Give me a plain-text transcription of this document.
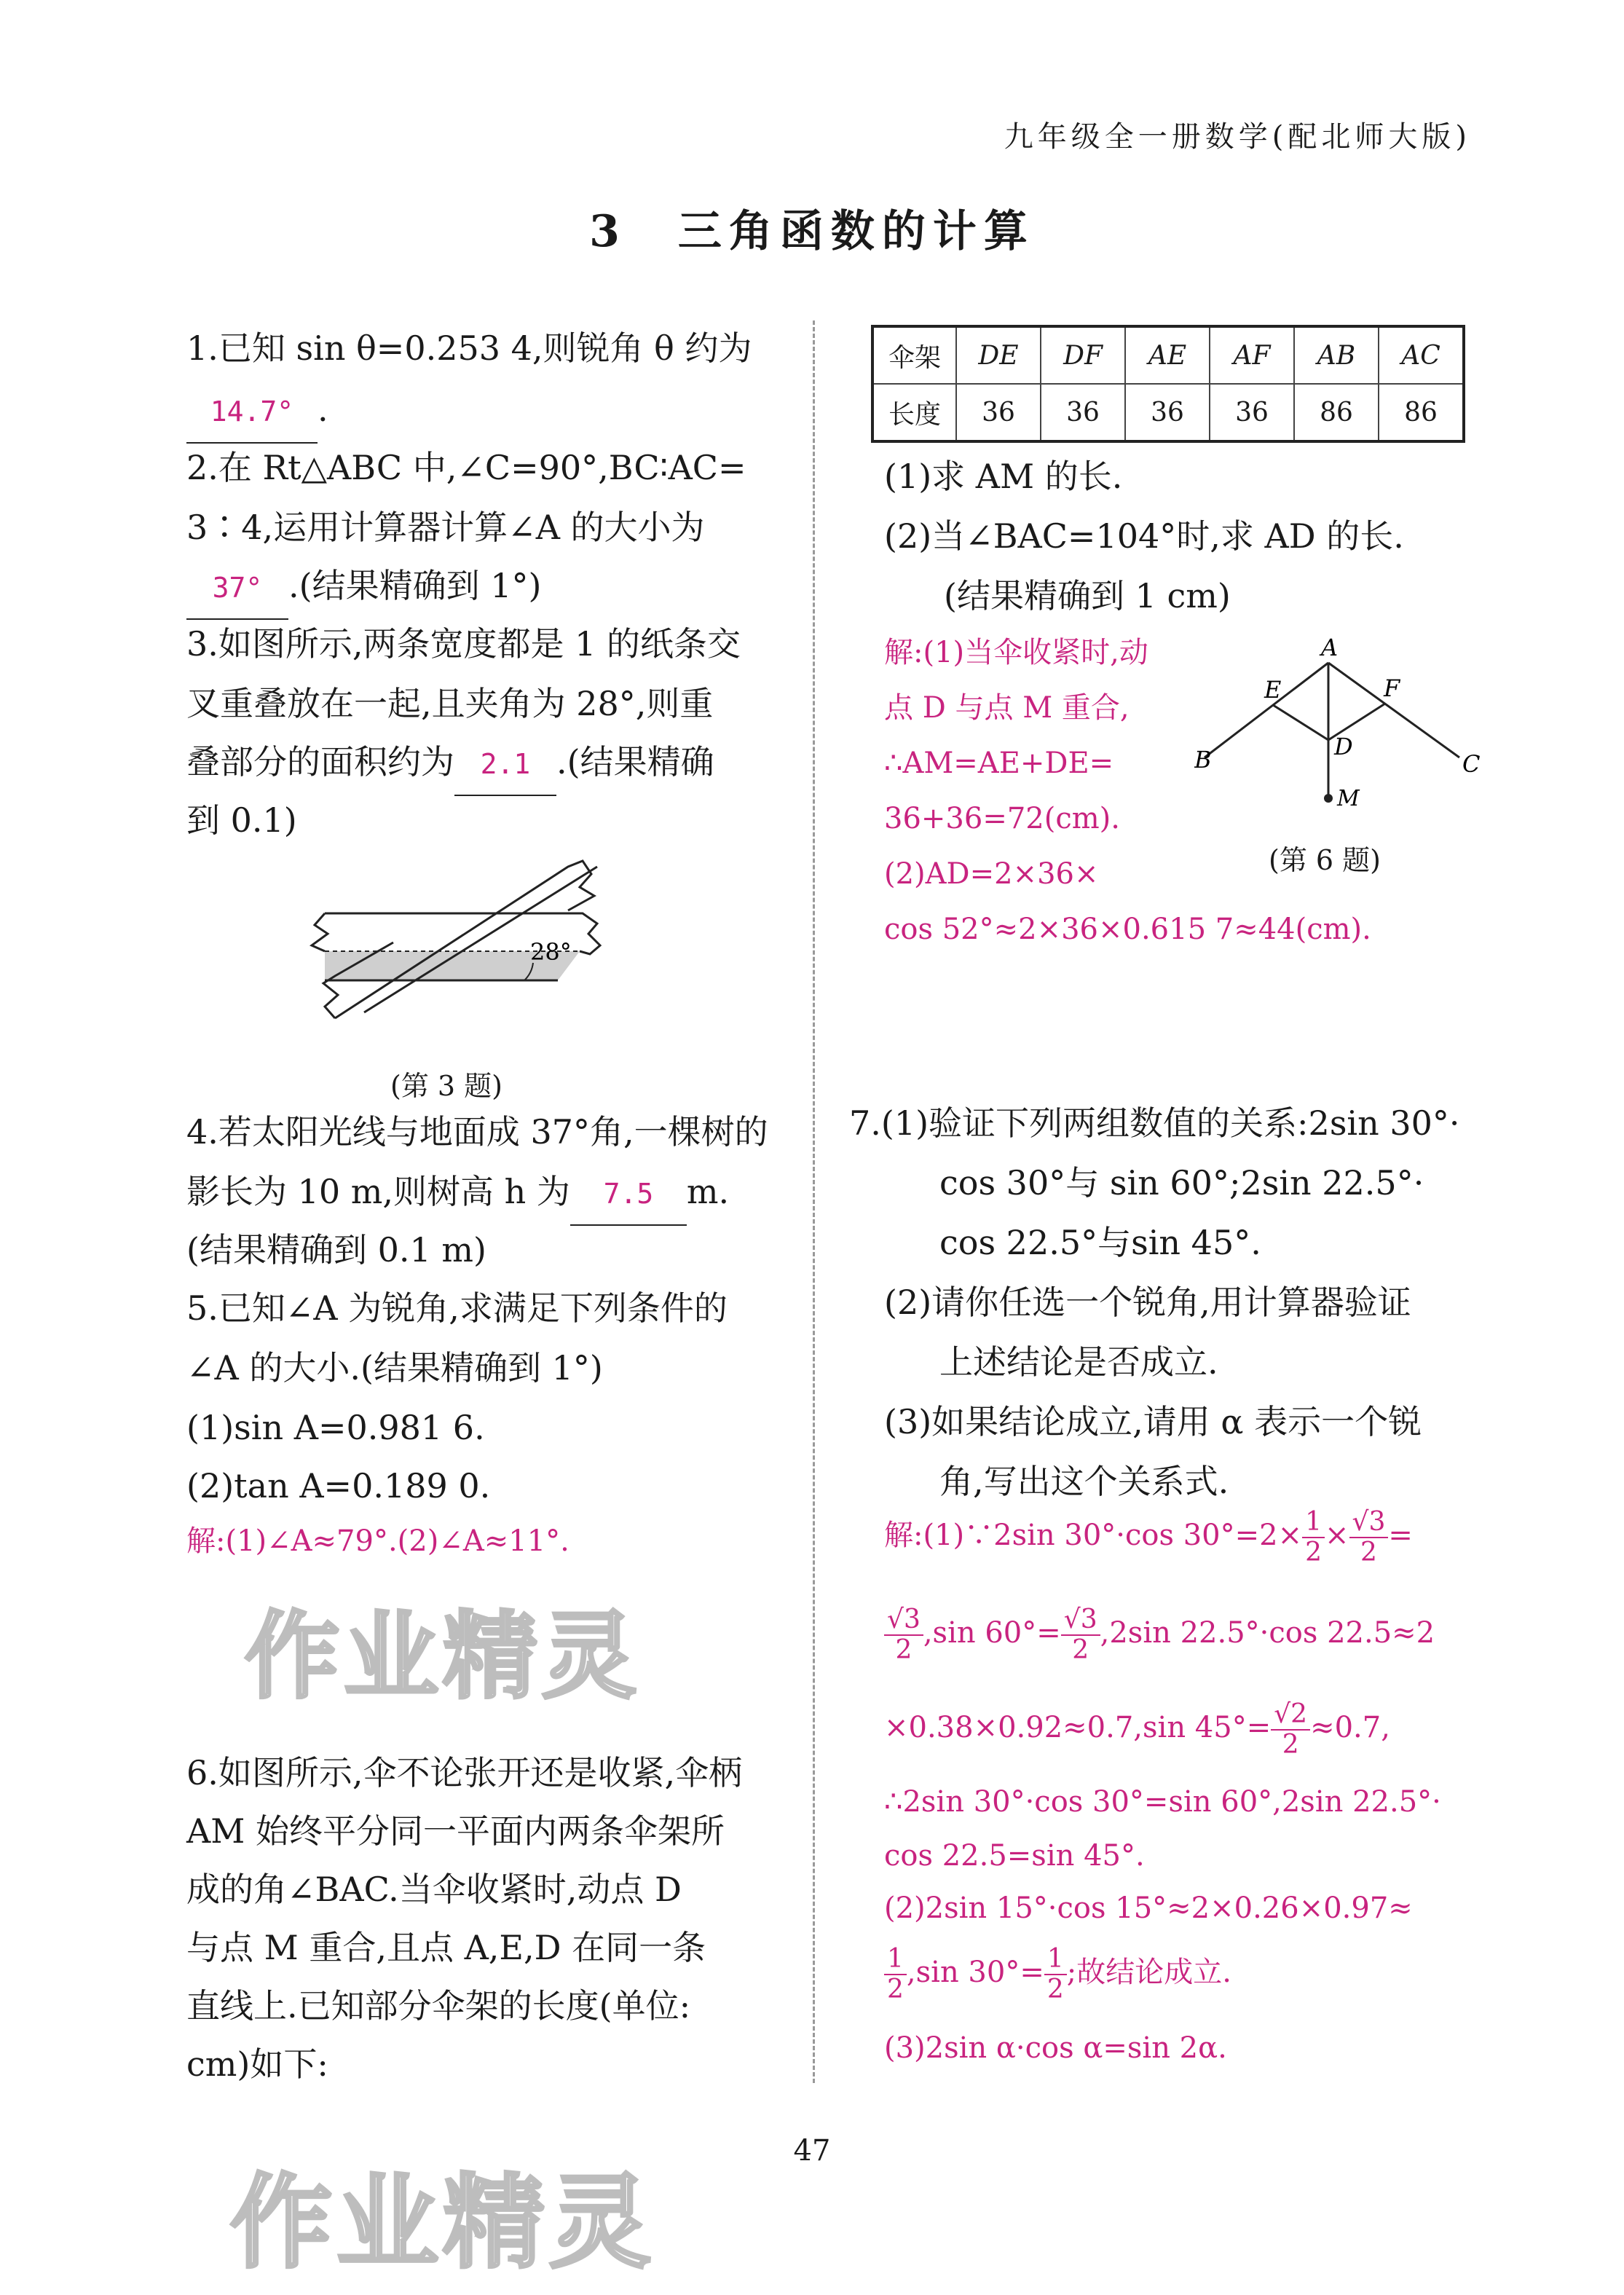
九年级全一册数学(配北师大版)
3　三角函数的计算
1.已知 sin θ=0.253 4,则锐角 θ 约为
14.7° .
2.在 Rt△ABC 中,∠C=90°,BC∶AC=
3∶4,运用计算器计算∠A 的大小为
37° .(结果精确到 1°)
3.如图所示,两条宽度都是 1 的纸条交
叉重叠放在一起,且夹角为 28°,则重
叠部分的面积约为 2.1 .(结果精确
到 0.1)
28°
(第 3 题)
4.若太阳光线与地面成 37°角,一棵树的
影长为 10 m,则树高 h 为 7.5 m.
(结果精确到 0.1 m)
5.已知∠A 为锐角,求满足下列条件的
∠A 的大小.(结果精确到 1°)
(1)sin A=0.981 6.
(2)tan A=0.189 0.
解:(1)∠A≈79°.(2)∠A≈11°.
作业精灵
6.如图所示,伞不论张开还是收紧,伞柄
AM 始终平分同一平面内两条伞架所
成的角∠BAC.当伞收紧时,动点 D
与点 M 重合,且点 A,E,D 在同一条
直线上.已知部分伞架的长度(单位:
cm)如下:
伞架	DE	DF	AE	AF	AB	AC
长度	36	36	36	36	86	86
(1)求 AM 的长.
(2)当∠BAC=104°时,求 AD 的长.
(结果精确到 1 cm)
解:(1)当伞收紧时,动
点 D 与点 M 重合,
∴AM=AE+DE=
36+36=72(cm).
(2)AD=2×36×
cos 52°≈2×36×0.615 7≈44(cm).
A
E	F
B	C
D
M
(第 6 题)
7.(1)验证下列两组数值的关系:2sin 30°·
cos 30°与 sin 60°;2sin 22.5°·
cos 22.5°与sin 45°.
(2)请你任选一个锐角,用计算器验证
上述结论是否成立.
(3)如果结论成立,请用 α 表示一个锐
角,写出这个关系式.
解:(1)∵2sin 30°·cos $30^\circ=2\times \frac{1}{2} \times \frac{√3}{2}$ =
$\frac{√3}{2} ,\sin$ $60^\circ= \frac{√3}{2} ,2\sin$ 22.5°·cos 22.5≈2
×0.38×0.92≈0.7,sin $45^\circ= \frac{√2}{2} \approx 0.7$,
∴2sin 30°·cos 30°=sin 60°,2sin 22.5°·
cos 22.5=sin 45°.
(2)2sin 15°·cos 15°≈2×0.26×0.97≈
$\frac{1}{2} ,\sin$ $30^\circ= \frac{1}{2}$ ;故结论成立.
(3)2sin α·cos α=sin 2α.
47
作业精灵
